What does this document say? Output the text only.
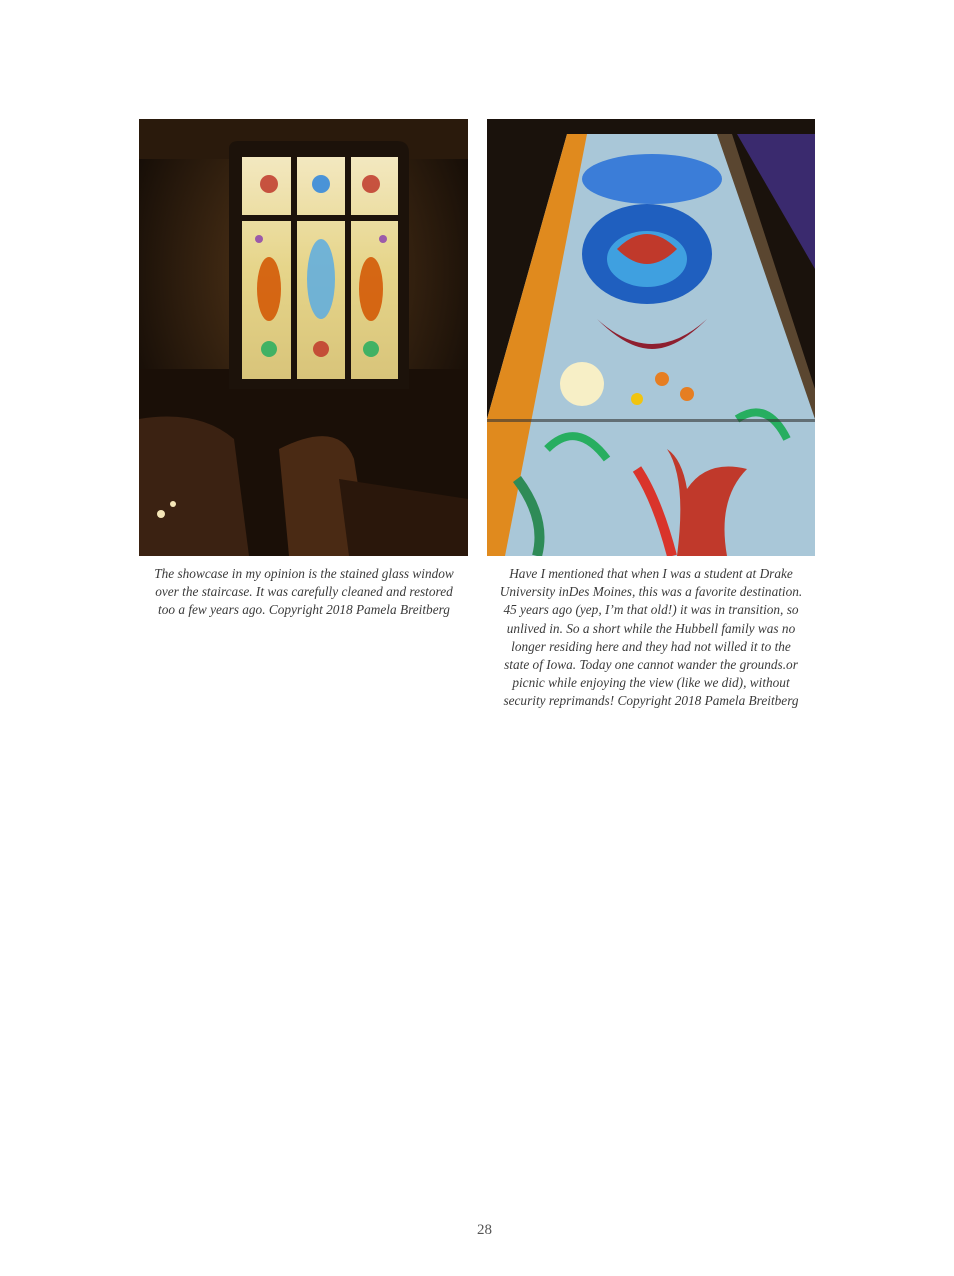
The showcase in my opinion is the stained glass window over the staircase. It was carefully cleaned and restored too a few years ago. Copyright 2018 Pamela Breitberg
Have I mentioned that when I was a student at Drake University inDes Moines, this was a favorite destination. 45 years ago (yep, I’m that old!) it was in transition, so unlived in. So a short while the Hubbell family was no longer residing here and they had not willed it to the state of Iowa. Today one cannot wander the grounds.or picnic while enjoying the view (like we did), without security reprimands! Copyright 2018 Pamela Breitberg
28
